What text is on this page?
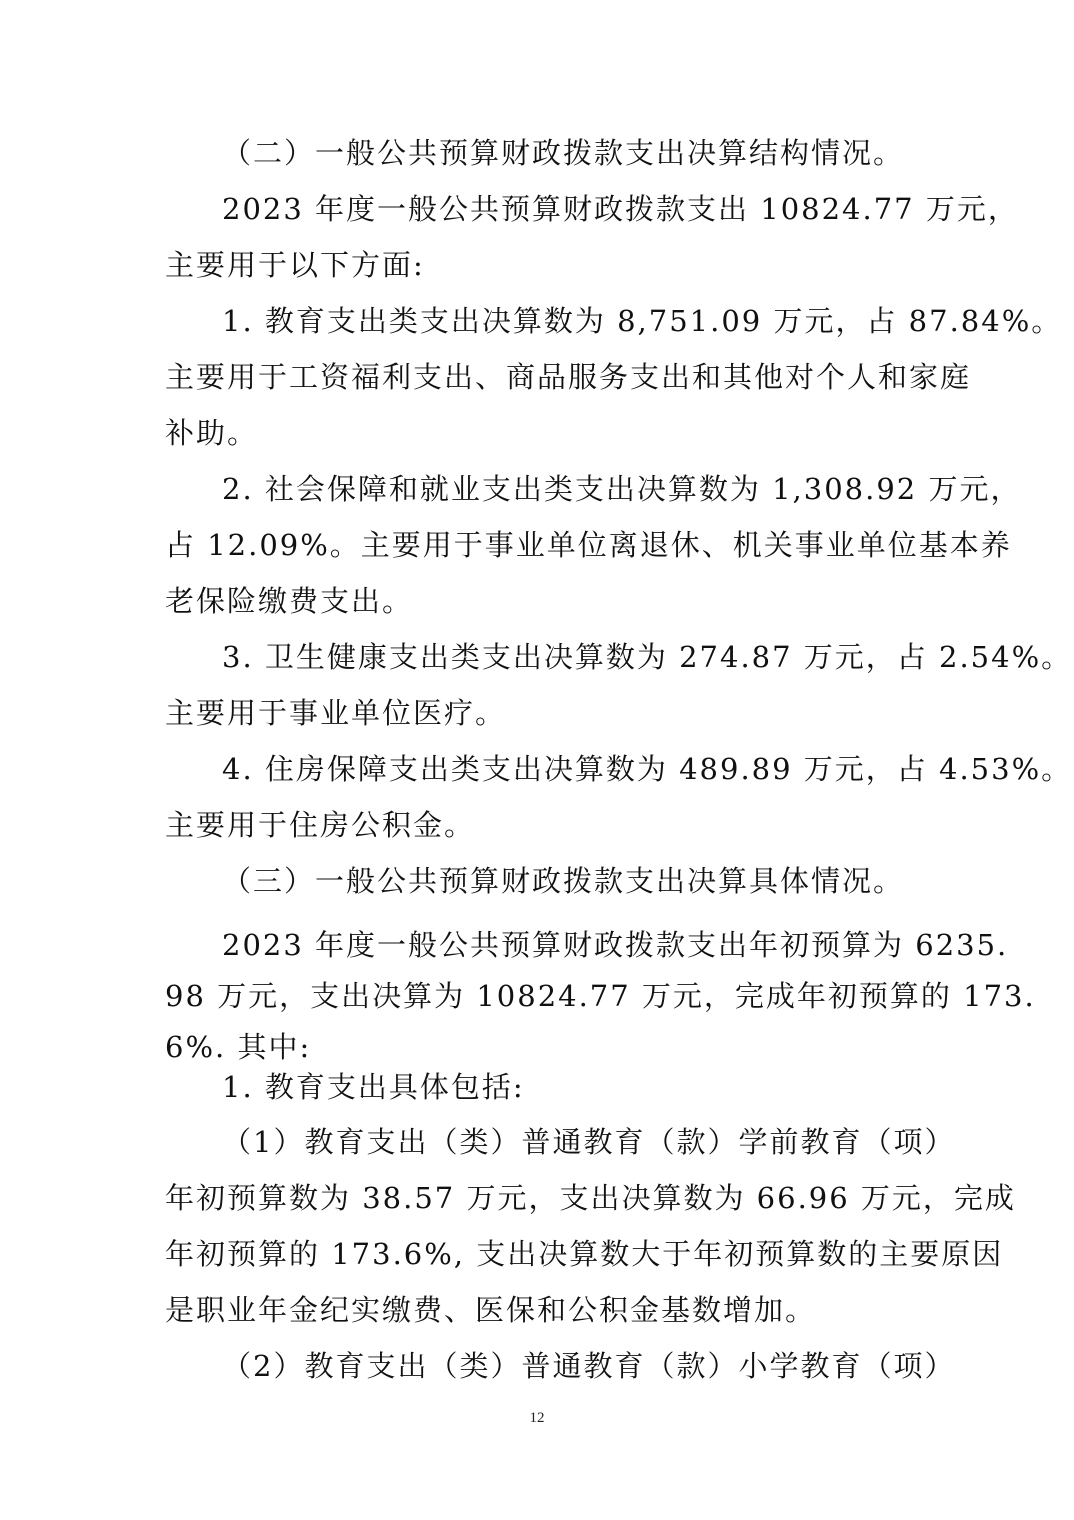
（二）一般公共预算财政拨款支出决算结构情况。
2023 年度一般公共预算财政拨款支出 10824.77 万元，
主要用于以下方面:
1. 教育支出类支出决算数为 8,751.09 万元，占 87.84%。
主要用于工资福利支出、商品服务支出和其他对个人和家庭
补助。
2. 社会保障和就业支出类支出决算数为 1,308.92 万元，
占 12.09%。主要用于事业单位离退休、机关事业单位基本养
老保险缴费支出。
3. 卫生健康支出类支出决算数为 274.87 万元，占 2.54%。
主要用于事业单位医疗。
4. 住房保障支出类支出决算数为 489.89 万元，占 4.53%。
主要用于住房公积金。
（三）一般公共预算财政拨款支出决算具体情况。
2023 年度一般公共预算财政拨款支出年初预算为 6235.
98 万元，支出决算为 10824.77 万元，完成年初预算的 173.
6%. 其中:
1. 教育支出具体包括:
（1）教育支出（类）普通教育（款）学前教育（项）
年初预算数为 38.57 万元，支出决算数为 66.96 万元，完成
年初预算的 173.6%, 支出决算数大于年初预算数的主要原因
是职业年金纪实缴费、医保和公积金基数增加。
（2）教育支出（类）普通教育（款）小学教育（项）
12
